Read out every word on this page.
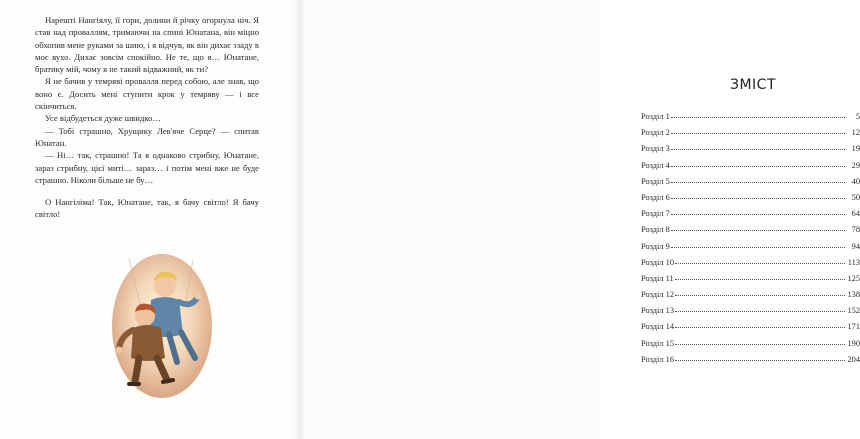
Нарешті Нангіялу, її гори, долини й річку огорнула ніч. Я став над проваллям, тримаючи на спині Юнатана, він міцно обхопив мене руками за шию, і я відчув, як він дихає ззаду в моє вухо. Дихає зовсім спокійно. Не те, що я… Юнатане, братику мій, чому я не такий відважний, як ти?

Я не бачив у темряві провалля перед собою, але знав, що воно є. Досить мені ступити крок у темряву — і все скінчиться.

Усе відбудеться дуже швидко…

— Тобі страшно, Хрущику Лев'яче Серце? — спитав Юнатан.

— Ні… так, страшно! Та я однаково стрибну, Юнатане, зараз стрибну, цієї миті… зараз… і потім мені вже не буде страшно. Ніколи більше не бу…

О Нангіліма! Так, Юнатане, так, я бачу світло! Я бачу світло!

ЗМІСТ
Розділ 1	5
Розділ 2	12
Розділ 3	19
Розділ 4	29
Розділ 5	40
Розділ 6	50
Розділ 7	64
Розділ 8	78
Розділ 9	94
Розділ 10	113
Розділ 11	125
Розділ 12	138
Розділ 13	152
Розділ 14	171
Розділ 15	190
Розділ 16	204
